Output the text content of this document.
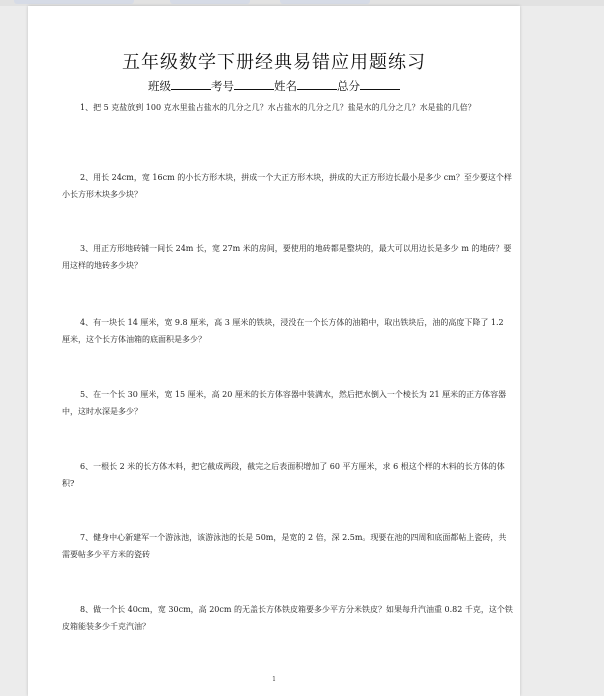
五年级数学下册经典易错应用题练习
班级	考号	姓名	总分

1、把 5 克盐放到 100 克水里盐占盐水的几分之几？水占盐水的几分之几？盐是水的几分之几？水是盐的几倍？

2、用长 24cm，宽 16cm 的小长方形木块，拼成一个大正方形木块，拼成的大正方形边长最小是多少 cm？至少要这个样小长方形木块多少块？

3、用正方形地砖铺一间长 24m 长，宽 27m 米的房间，要使用的地砖都是整块的，最大可以用边长是多少 m 的地砖？要用这样的地砖多少块？

4、有一块长 14 厘米，宽 9.8 厘米，高 3 厘米的铁块，浸没在一个长方体的油箱中，取出铁块后，油的高度下降了 1.2 厘米，这个长方体油箱的底面积是多少？

5、在一个长 30 厘米，宽 15 厘米，高 20 厘米的长方体容器中装满水，然后把水倒入一个棱长为 21 厘米的正方体容器中，这时水深是多少？

6、一根长 2 米的长方体木料，把它截成两段，截完之后表面积增加了 60 平方厘米，求 6 根这个样的木料的长方体的体积?

7、健身中心新建军一个游泳池，该游泳池的长是 50m，是宽的 2 倍，深 2.5m。现要在池的四周和底面都帖上瓷砖，共需要帖多少平方米的瓷砖

8、做一个长 40cm，宽 30cm，高 20cm 的无盖长方体铁皮箱要多少平方分米铁皮？如果每升汽油重 0.82 千克，这个铁皮箱能装多少千克汽油？

1
